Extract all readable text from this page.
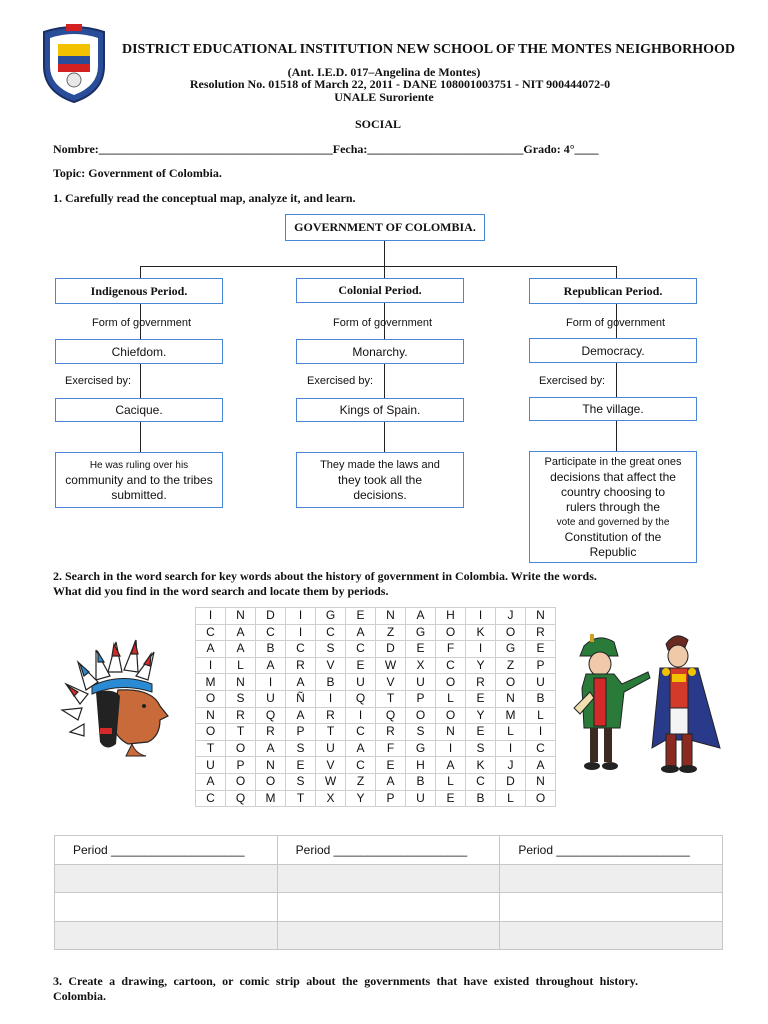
DISTRICT EDUCATIONAL INSTITUTION NEW SCHOOL OF THE MONTES NEIGHBORHOOD
(Ant. I.E.D. 017–Angelina de Montes)
Resolution No. 01518 of March 22, 2011 - DANE 108001003751 - NIT 900444072-0
UNALE Suroriente
SOCIAL
Nombre:_______________________________________Fecha:__________________________Grado: 4°____
Topic: Government of Colombia.
1. Carefully read the conceptual map, analyze it, and learn.
GOVERNMENT OF COLOMBIA.
Indigenous Period.	Colonial Period.	Republican Period.
Form of government	Form of government	Form of government
Chiefdom.	Monarchy.	Democracy.
Exercised by:	Exercised by:	Exercised by:
Cacique.	Kings of Spain.	The village.
He was ruling over his
community and to the tribes
submitted.
They made the laws and
they took all the
decisions.
Participate in the great ones
decisions that affect the
country choosing to
rulers through the
vote and governed by the
Constitution of the
Republic
2. Search in the word search for key words about the history of government in Colombia. Write the words.
What did you find in the word search and locate them by periods.
I	N	D	I	G	E	N	A	H	I	J	N
C	A	C	I	C	A	Z	G	O	K	O	R
A	A	B	C	S	C	D	E	F	I	G	E
I	L	A	R	V	E	W	X	C	Y	Z	P
M	N	I	A	B	U	V	U	O	R	O	U
O	S	U	Ñ	I	Q	T	P	L	E	N	B
N	R	Q	A	R	I	Q	O	O	Y	M	L
O	T	R	P	T	C	R	S	N	E	L	I
T	O	A	S	U	A	F	G	I	S	I	C
U	P	N	E	V	C	E	H	A	K	J	A
A	O	O	S	W	Z	A	B	L	C	D	N
C	Q	M	T	X	Y	P	U	E	B	L	O
Period ____________________	Period ____________________	Period ____________________

3. Create a drawing, cartoon, or comic strip about the governments that have existed throughout history. Colombia.
